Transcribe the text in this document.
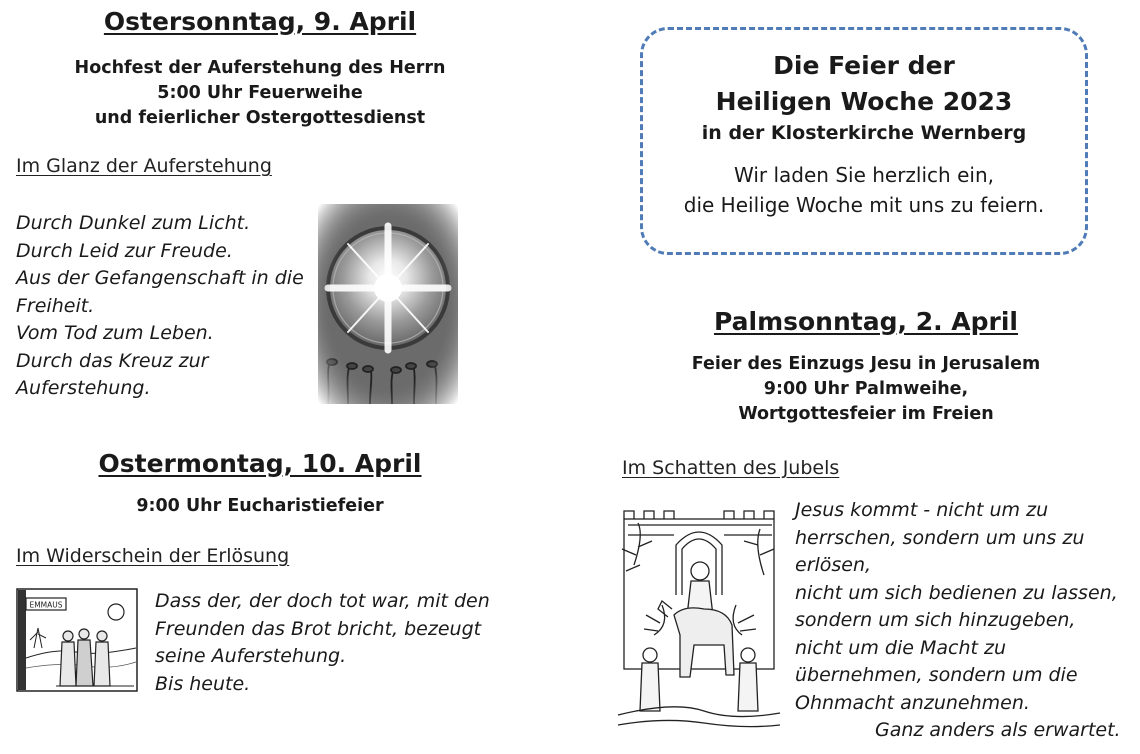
Ostersonntag, 9. April
Hochfest der Auferstehung des Herrn
5:00 Uhr Feuerweihe
und feierlicher Ostergottesdienst

Im Glanz der Auferstehung

Durch Dunkel zum Licht.
Durch Leid zur Freude.
Aus der Gefangenschaft in die
Freiheit.
Vom Tod zum Leben.
Durch das Kreuz zur
Auferstehung.
Ostermontag, 10. April

9:00 Uhr Eucharistiefeier

Im Widerschein der Erlösung

EMMAUS	Dass der, der doch tot war, mit den
Freunden das Brot bricht, bezeugt
seine Auferstehung.
Bis heute.
Die Feier der
Heiligen Woche 2023
in der Klosterkirche Wernberg
Wir laden Sie herzlich ein,
die Heilige Woche mit uns zu feiern.
Palmsonntag, 2. April
Feier des Einzugs Jesu in Jerusalem
9:00 Uhr Palmweihe,
Wortgottesfeier im Freien

Im Schatten des Jubels

Jesus kommt - nicht um zu
herrschen, sondern um uns zu
erlösen,
nicht um sich bedienen zu lassen,
sondern um sich hinzugeben,
nicht um die Macht zu
übernehmen, sondern um die
Ohnmacht anzunehmen.
Ganz anders als erwartet.
